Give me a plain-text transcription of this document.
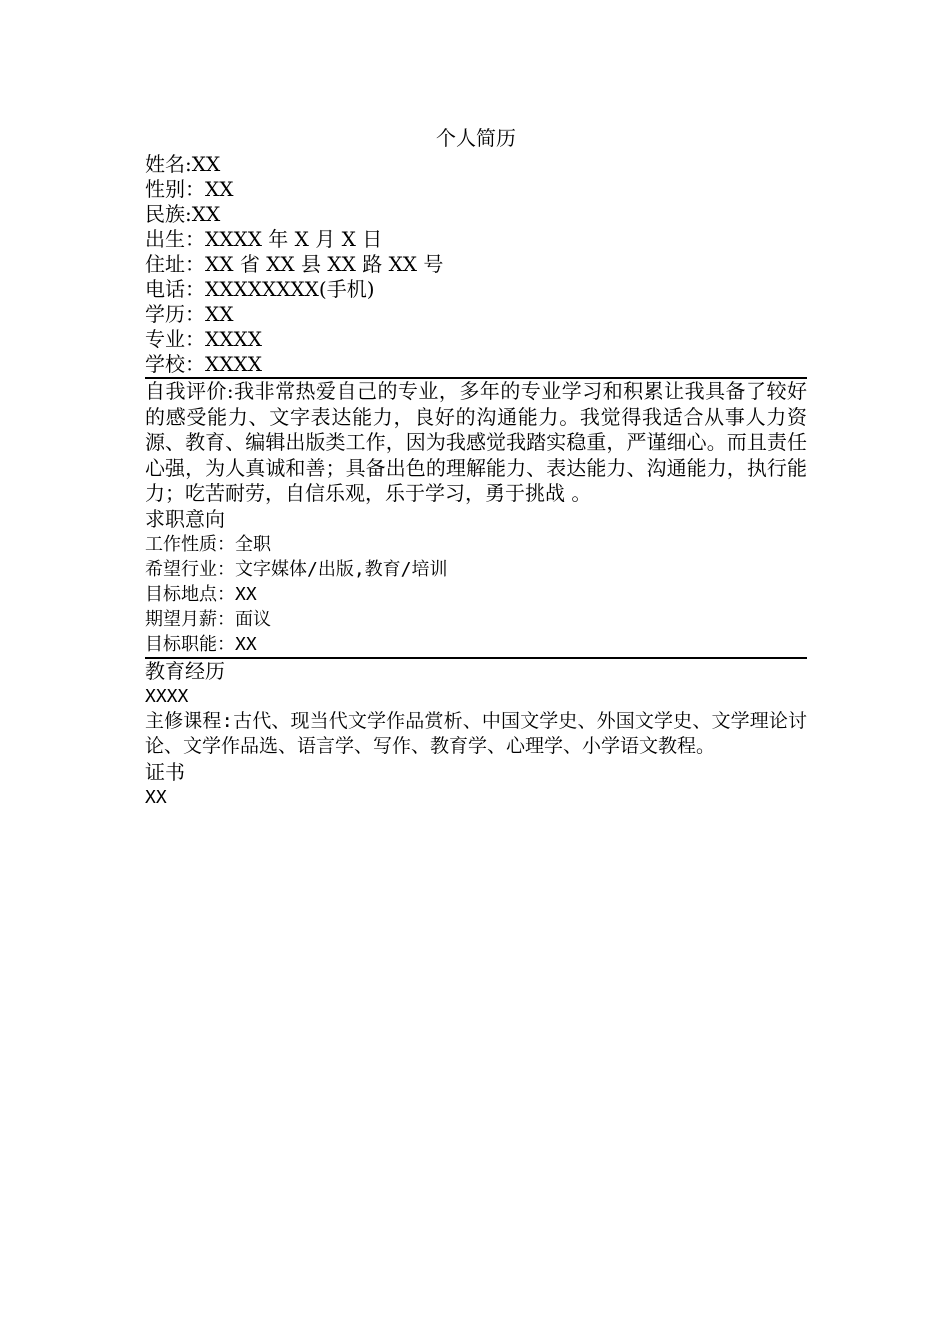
个人简历
姓名:XX
性别：XX
民族:XX
出生：XXXX 年 X 月 X 日
住址：XX 省 XX 县 XX 路 XX 号
电话：XXXXXXXX(手机)
学历：XX
专业：XXXX
学校：XXXX

自我评价:我非常热爱自己的专业，多年的专业学习和积累让我具备了较好的感受能力、文字表达能力，良好的沟通能力。我觉得我适合从事人力资源、教育、编辑出版类工作，因为我感觉我踏实稳重，严谨细心。而且责任心强，为人真诚和善；具备出色的理解能力、表达能力、沟通能力，执行能力；吃苦耐劳，自信乐观，乐于学习，勇于挑战 。

求职意向
工作性质：全职
希望行业：文字媒体/出版,教育/培训
目标地点：XX
期望月薪：面议
目标职能：XX
教育经历
XXXX

主修课程:古代、现当代文学作品赏析、中国文学史、外国文学史、文学理论讨论、文学作品选、语言学、写作、教育学、心理学、小学语文教程。

证书
XX
